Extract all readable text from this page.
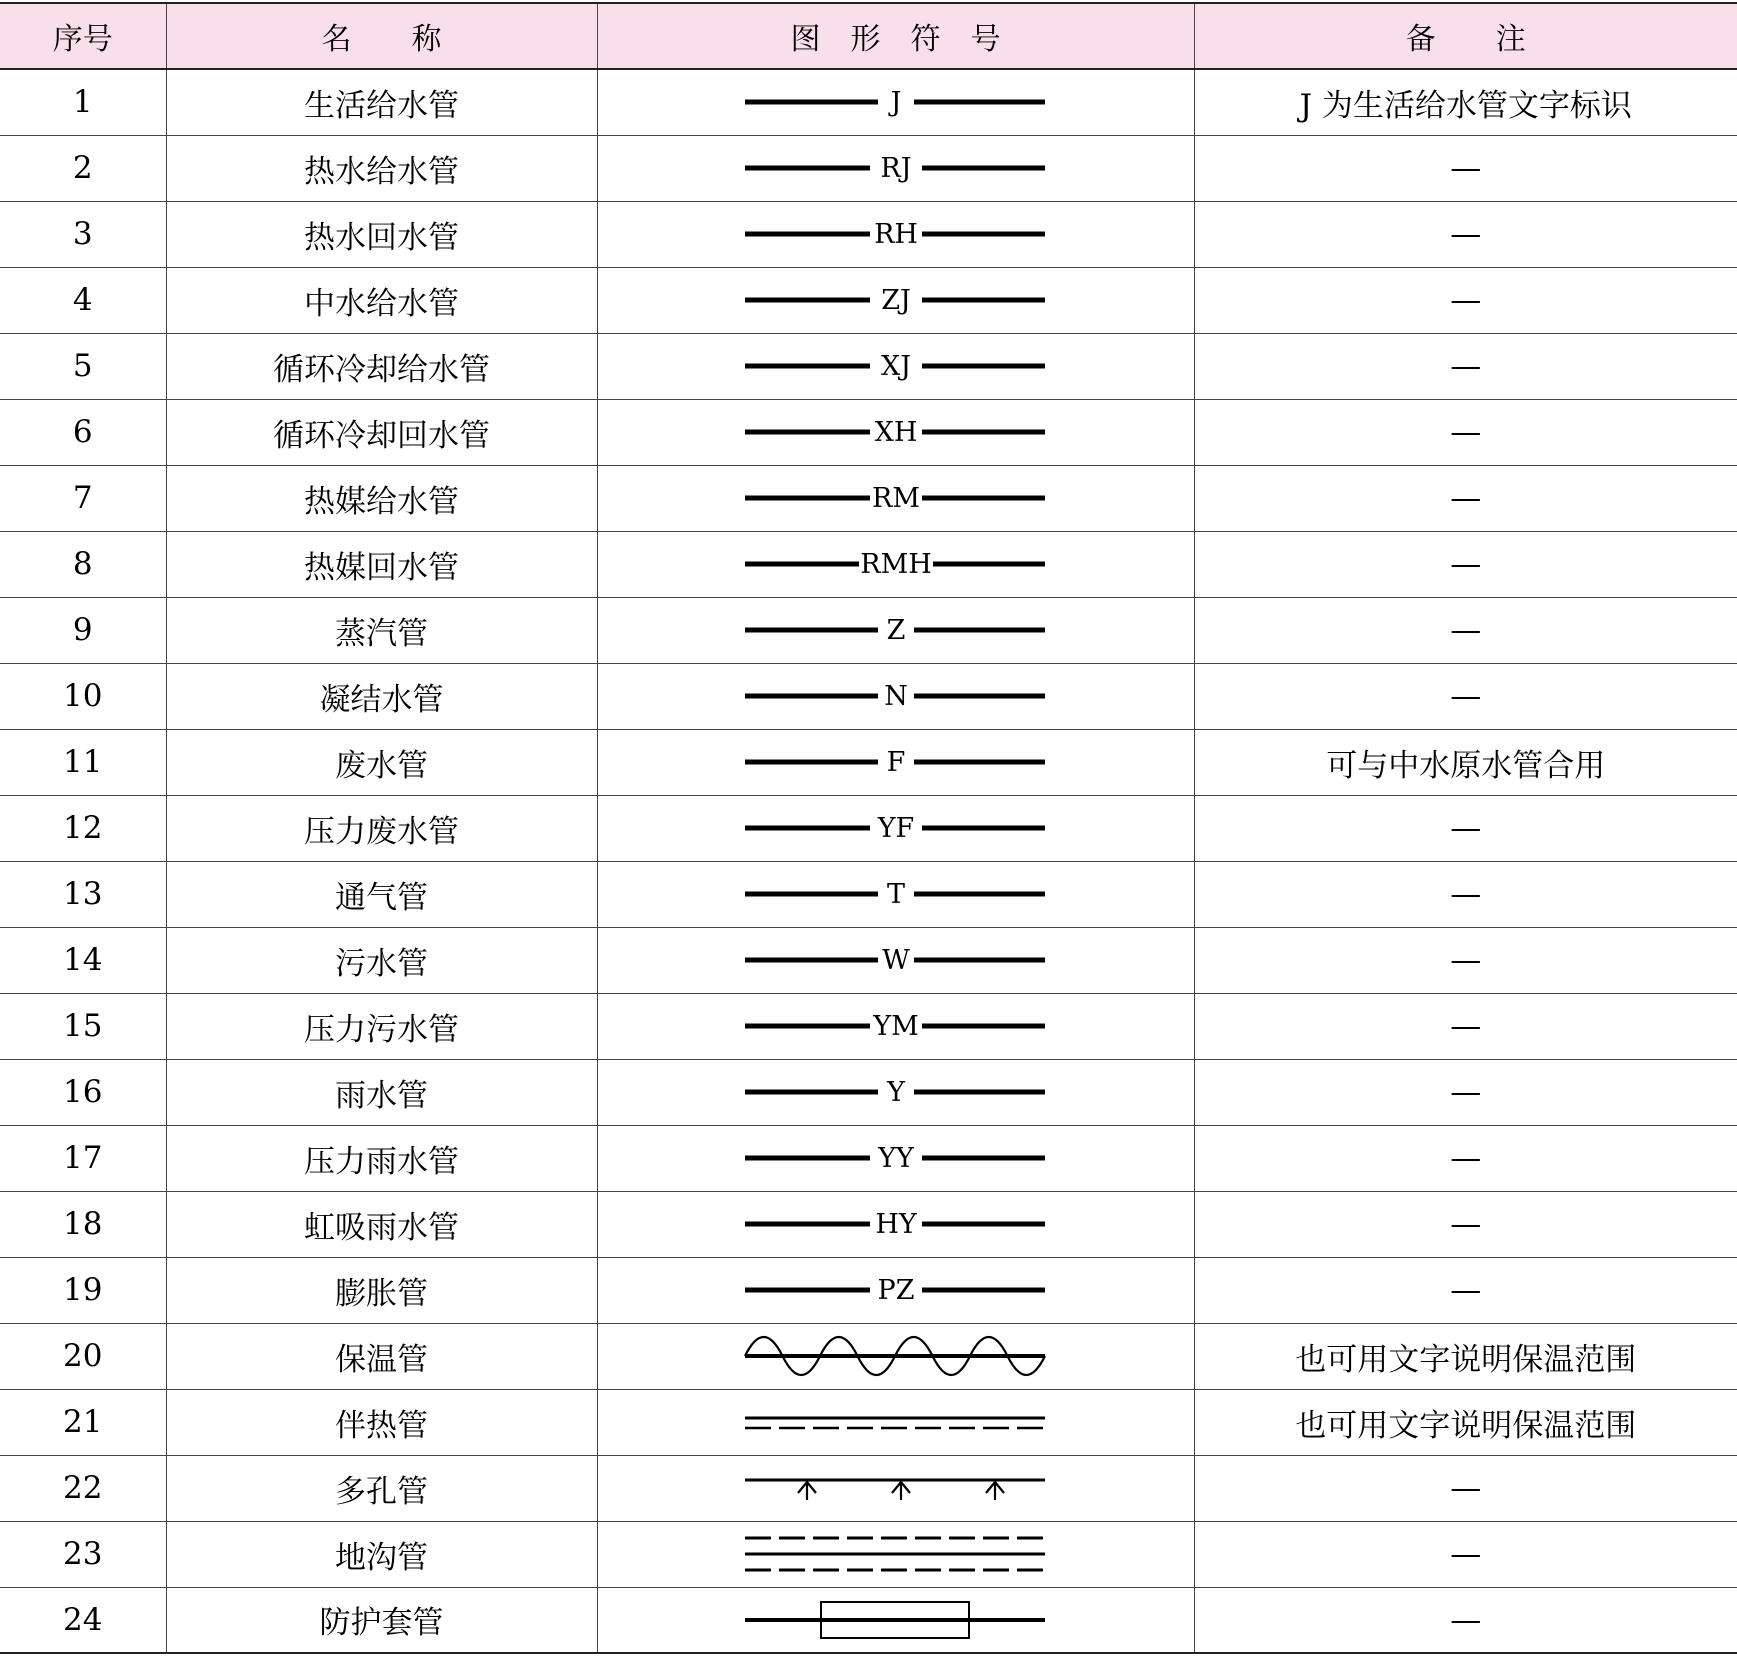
序号	名　　称	图　形　符　号	备　　注
1	生活给水管	J	J 为生活给水管文字标识
2	热水给水管	RJ	—
3	热水回水管	RH	—
4	中水给水管	ZJ	—
5	循环冷却给水管	XJ	—
6	循环冷却回水管	XH	—
7	热媒给水管	RM	—
8	热媒回水管	RMH	—
9	蒸汽管	Z	—
10	凝结水管	N	—
11	废水管	F	可与中水原水管合用
12	压力废水管	YF	—
13	通气管	T	—
14	污水管	W	—
15	压力污水管	YM	—
16	雨水管	Y	—
17	压力雨水管	YY	—
18	虹吸雨水管	HY	—
19	膨胀管	PZ	—
20	保温管		也可用文字说明保温范围
21	伴热管		也可用文字说明保温范围
22	多孔管		—
23	地沟管		—
24	防护套管		—
